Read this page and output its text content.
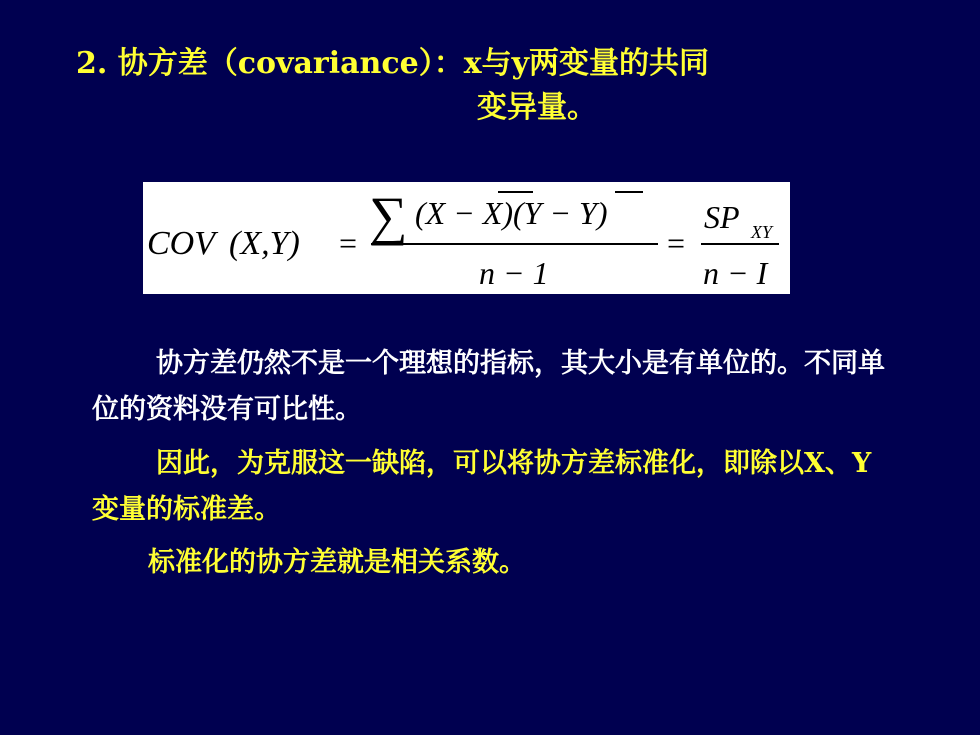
2. 协方差（covariance）：x与y两变量的共同
变异量。
COV (X,Y) = ∑ (X − X)(Y − Y)
n − 1
=
SP XY
n − I
协方差仍然不是一个理想的指标，其大小是有单位的。不同单位的资料没有可比性。
因此，为克服这一缺陷，可以将协方差标准化，即除以X、Y变量的标准差。
标准化的协方差就是相关系数。
